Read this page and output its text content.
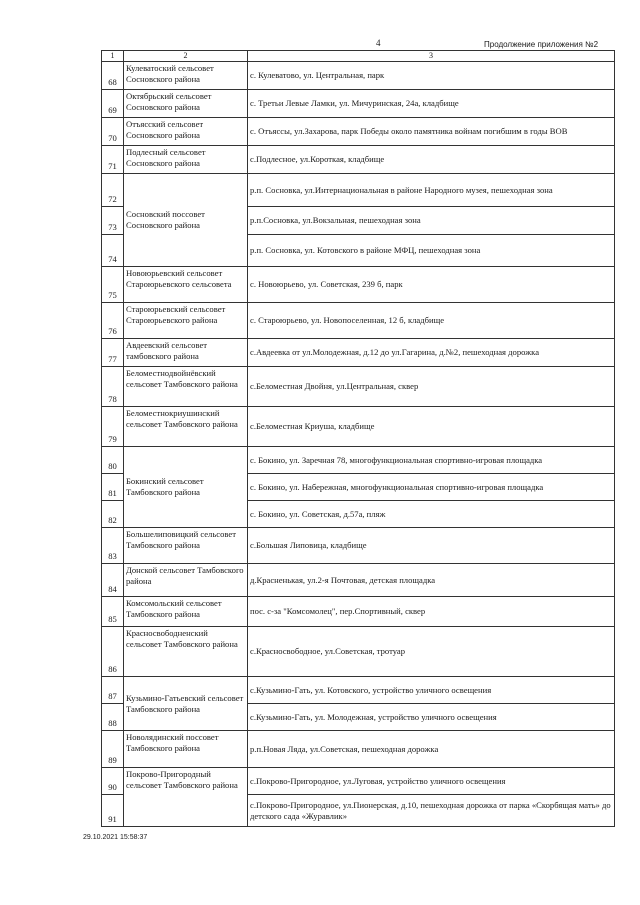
4	Продолжение приложения №2
1	2	3
68	Кулеватоский сельсовет Сосновского района	с. Кулеватово, ул. Центральная, парк
69	Октябрьский сельсовет Сосновского района	с. Третьи Левые Ламки, ул. Мичуринская, 24а, кладбище
70	Отъясский сельсовет Сосновского района	с. Отъяссы, ул.Захарова, парк Победы около памятника войнам погибшим в годы ВОВ
71	Подлесный сельсовет Сосновского района	с.Подлесное, ул.Короткая, кладбище
72	Сосновский поссовет Сосновского района	р.п. Сосновка, ул.Интернациональная в районе Народного музея, пешеходная зона
73		р.п.Сосновка, ул.Вокзальная, пешеходная зона
74		р.п. Сосновка, ул. Котовского в районе МФЦ, пешеходная зона
75	Новоюрьевский сельсовет Староюрьевского сельсовета	с. Новоюрьево, ул. Советская, 239 б, парк
76	Староюрьевский сельсовет Староюрьевского района	с. Староюрьево, ул. Новопоселенная, 12 б, кладбище
77	Авдеевский сельсовет тамбовского района	с.Авдеевка от ул.Молодежная, д.12 до ул.Гагарина, д.№2, пешеходная дорожка
78	Беломестнодвойнёвский сельсовет Тамбовского района	с.Беломестная Двойня, ул.Центральная, сквер
79	Беломестнокриушинский сельсовет Тамбовского района	с.Беломестная Криуша, кладбище
80	Бокинский сельсовет Тамбовского района	с. Бокино, ул. Заречная 78, многофункциональная спортивно-игровая площадка
81		с. Бокино, ул. Набережная, многофункциональная спортивно-игровая площадка
82		с. Бокино, ул. Советская, д.57а, пляж
83	Большелиповицкий сельсовет Тамбовского района	с.Большая Липовица, кладбище
84	Донской сельсовет Тамбовского района	д.Красненькая, ул.2-я Почтовая, детская площадка
85	Комсомольский сельсовет Тамбовского района	пос. с-за "Комсомолец", пер.Спортивный, сквер
86	Красносвободненский сельсовет Тамбовского района	с.Красносвободное, ул.Советская, тротуар
87	Кузьмино-Гатьевский сельсовет Тамбовского района	с.Кузьмино-Гать, ул. Котовского, устройство уличного освещения
88		с.Кузьмино-Гать, ул. Молодежная, устройство уличного освещения
89	Новолядинский поссовет Тамбовского района	р.п.Новая Ляда, ул.Советская, пешеходная дорожка
90	Покрово-Пригородный сельсовет Тамбовского района	с.Покрово-Пригородное, ул.Луговая, устройство уличного освещения
91		с.Покрово-Пригородное, ул.Пионерская, д.10, пешеходная дорожка от парка «Скорбящая мать» до детского сада «Журавлик»
29.10.2021 15:58:37
